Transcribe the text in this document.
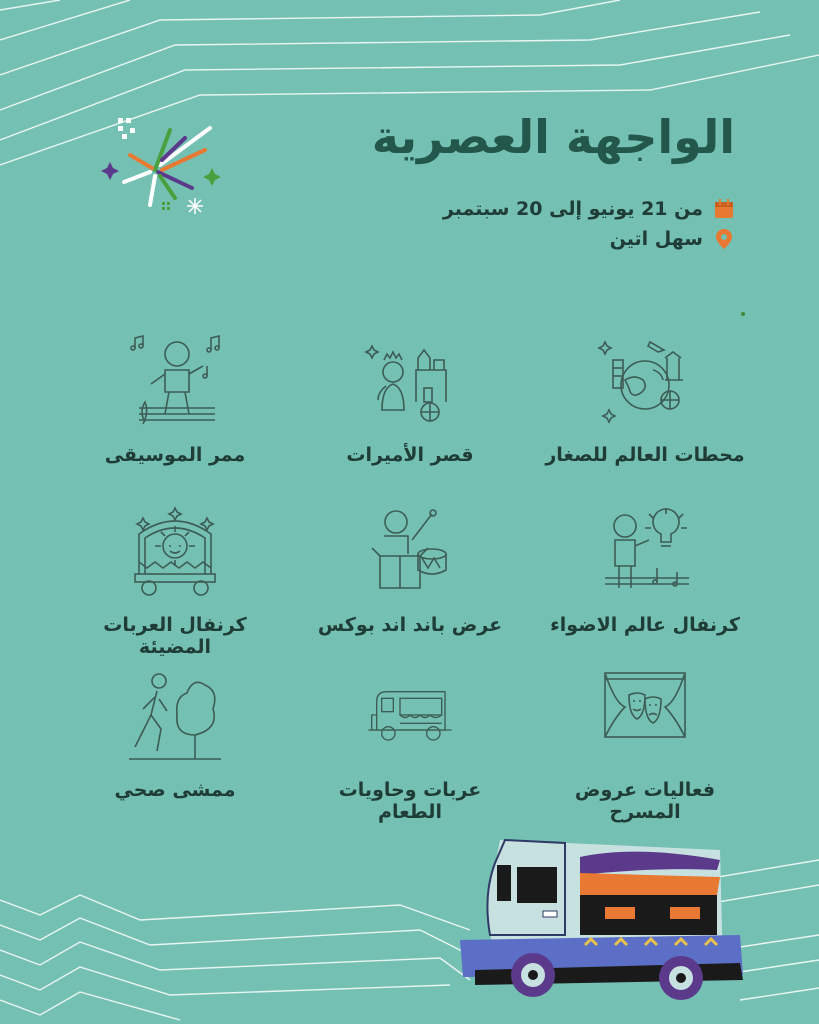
الواجهة العصرية
من 21 يونيو إلى 20 سبتمبر
سهل اتين
محطات العالم للصغار
قصر الأميرات
ممر الموسيقى
كرنفال عالم الاضواء
عرض باند اند بوكس
كرنفال العربات المضيئة
فعاليات عروض المسرح
عربات وحاويات الطعام
ممشى صحي
